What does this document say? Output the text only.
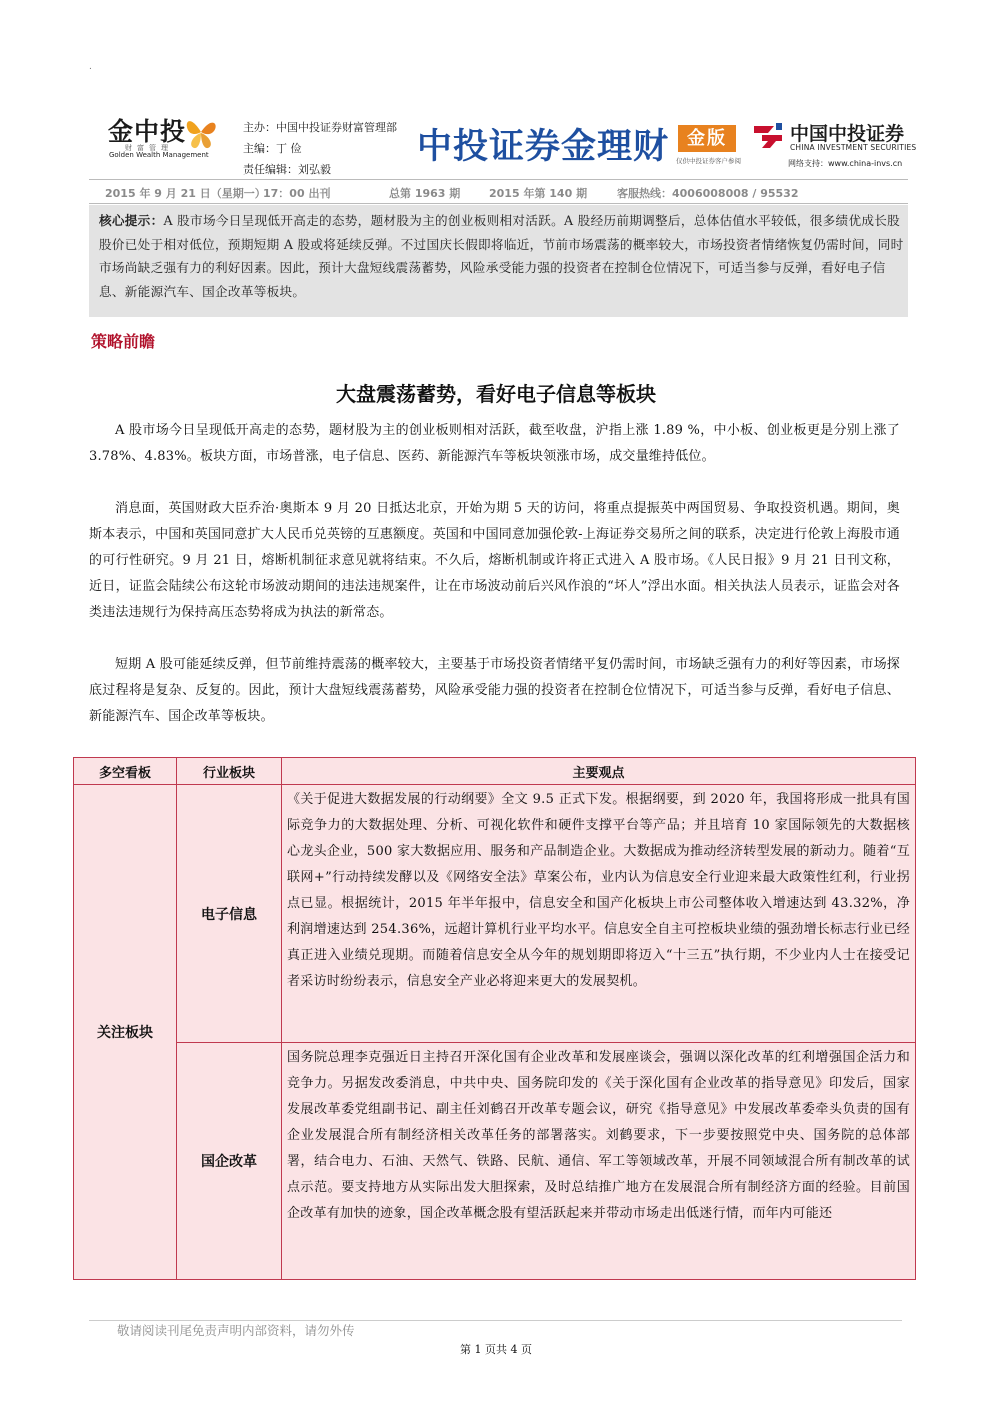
.
金中投
财富管理
Golden Wealth Management
主办：中国中投证券财富管理部
主编：丁 俭
责任编辑：刘弘毅
中投证券金理财 金版
仅供中投证券客户参阅
中国中投证券
CHINA INVESTMENT SECURITIES
网络支持：www.china-invs.cn
2015 年 9 月 21 日（星期一）
17：00 出刊	总第 1963 期	2015 年第 140 期	客服热线：4006008008 / 95532
核心提示：A 股市场今日呈现低开高走的态势，题材股为主的创业板则相对活跃。A 股经历前期调整后，总体估值水平较低，很多绩优成长股股价已处于相对低位，预期短期 A 股或将延续反弹。不过国庆长假即将临近，节前市场震荡的概率较大，市场投资者情绪恢复仍需时间，同时市场尚缺乏强有力的利好因素。因此，预计大盘短线震荡蓄势，风险承受能力强的投资者在控制仓位情况下，可适当参与反弹，看好电子信息、新能源汽车、国企改革等板块。
策略前瞻
大盘震荡蓄势，看好电子信息等板块
A 股市场今日呈现低开高走的态势，题材股为主的创业板则相对活跃，截至收盘，沪指上涨 1.89 %，中小板、创业板更是分别上涨了 3.78%、4.83%。板块方面，市场普涨，电子信息、医药、新能源汽车等板块领涨市场，成交量维持低位。
消息面，英国财政大臣乔治·奥斯本 9 月 20 日抵达北京，开始为期 5 天的访问，将重点提振英中两国贸易、争取投资机遇。期间，奥斯本表示，中国和英国同意扩大人民币兑英镑的互惠额度。英国和中国同意加强伦敦-上海证券交易所之间的联系，决定进行伦敦上海股市通的可行性研究。9 月 21 日，熔断机制征求意见就将结束。不久后，熔断机制或许将正式进入 A 股市场。《人民日报》9 月 21 日刊文称，近日，证监会陆续公布这轮市场波动期间的违法违规案件，让在市场波动前后兴风作浪的“坏人”浮出水面。相关执法人员表示，证监会对各类违法违规行为保持高压态势将成为执法的新常态。
短期 A 股可能延续反弹，但节前维持震荡的概率较大，主要基于市场投资者情绪平复仍需时间，市场缺乏强有力的利好等因素，市场探底过程将是复杂、反复的。因此，预计大盘短线震荡蓄势，风险承受能力强的投资者在控制仓位情况下，可适当参与反弹，看好电子信息、新能源汽车、国企改革等板块。
多空看板	行业板块	主要观点
关注板块	电子信息	《关于促进大数据发展的行动纲要》全文 9.5 正式下发。根据纲要，到 2020 年，我国将形成一批具有国际竞争力的大数据处理、分析、可视化软件和硬件支撑平台等产品；并且培育 10 家国际领先的大数据核心龙头企业，500 家大数据应用、服务和产品制造企业。大数据成为推动经济转型发展的新动力。随着“互联网+”行动持续发酵以及《网络安全法》草案公布，业内认为信息安全行业迎来最大政策性红利，行业拐点已显。根据统计，2015 年半年报中，信息安全和国产化板块上市公司整体收入增速达到 43.32%，净利润增速达到 254.36%，远超计算机行业平均水平。信息安全自主可控板块业绩的强劲增长标志行业已经真正进入业绩兑现期。而随着信息安全从今年的规划期即将迈入“十三五”执行期，不少业内人士在接受记者采访时纷纷表示，信息安全产业必将迎来更大的发展契机。
	国企改革	国务院总理李克强近日主持召开深化国有企业改革和发展座谈会，强调以深化改革的红利增强国企活力和竞争力。另据发改委消息，中共中央、国务院印发的《关于深化国有企业改革的指导意见》印发后，国家发展改革委党组副书记、副主任刘鹤召开改革专题会议，研究《指导意见》中发展改革委牵头负责的国有企业发展混合所有制经济相关改革任务的部署落实。刘鹤要求，下一步要按照党中央、国务院的总体部署，结合电力、石油、天然气、铁路、民航、通信、军工等领域改革，开展不同领域混合所有制改革的试点示范。要支持地方从实际出发大胆探索，及时总结推广地方在发展混合所有制经济方面的经验。目前国企改革有加快的迹象，国企改革概念股有望活跃起来并带动市场走出低迷行情，而年内可能还
敬请阅读刊尾免责声明内部资料，请勿外传
第 1 页共 4 页
